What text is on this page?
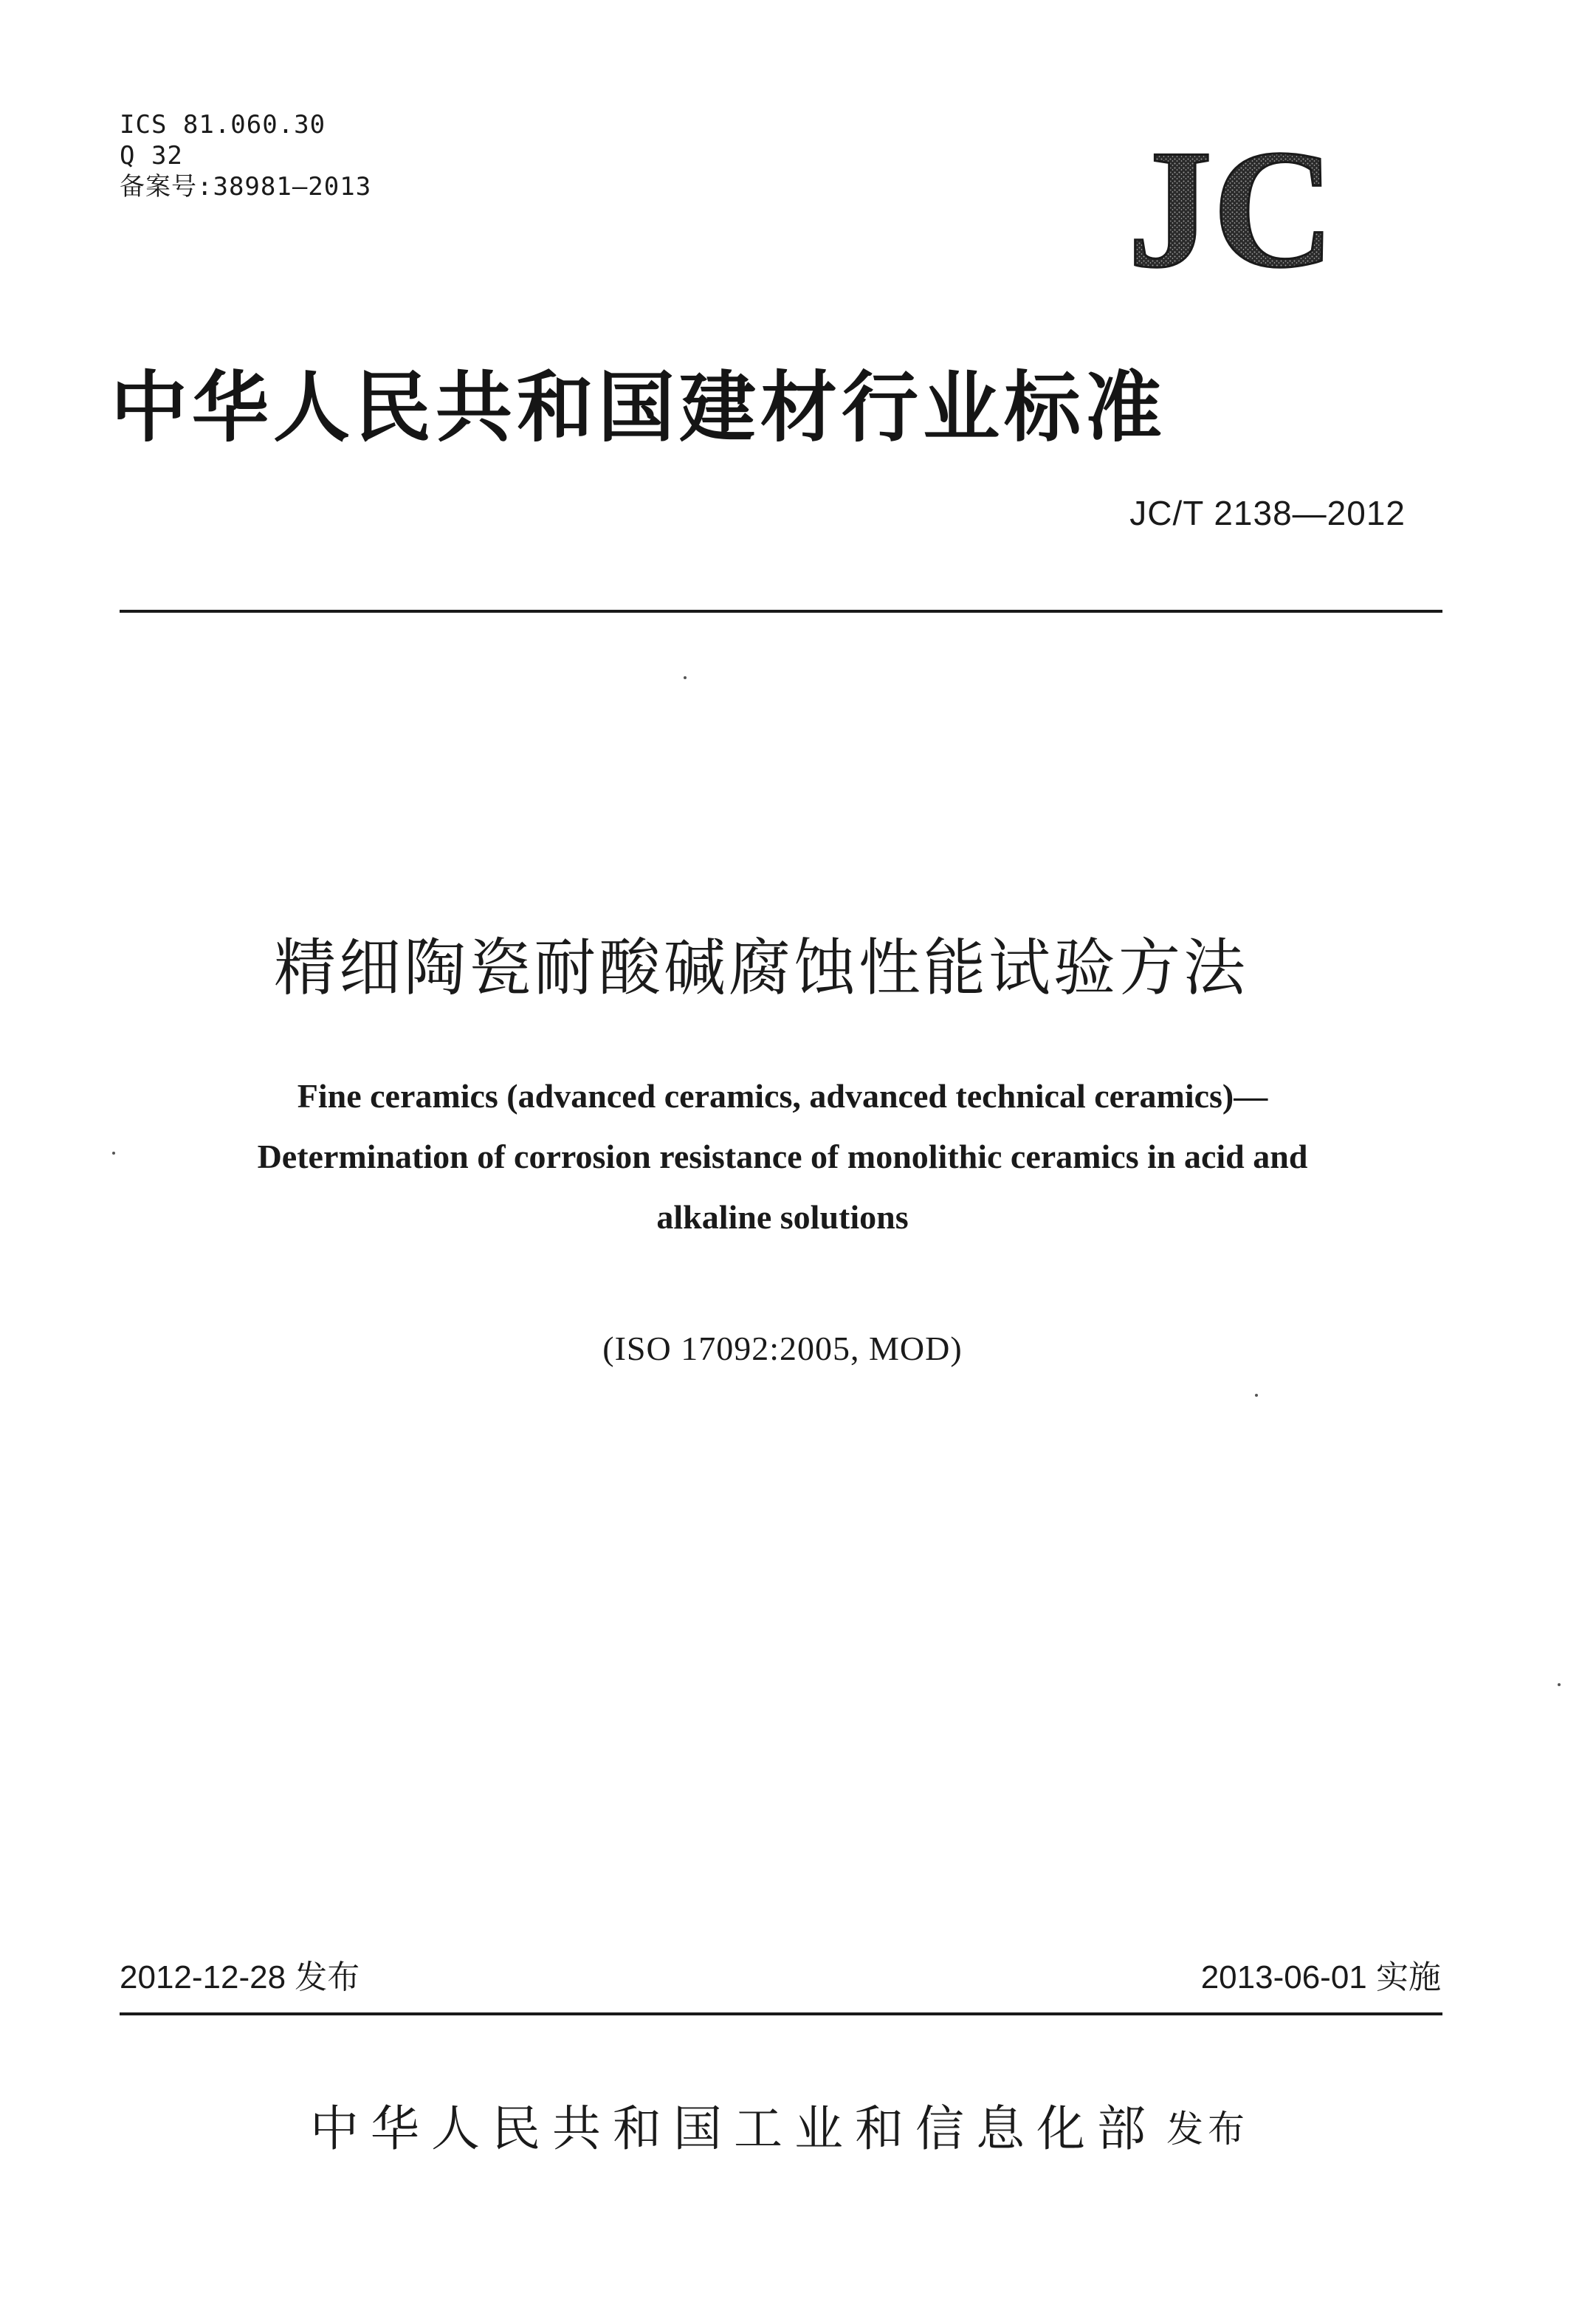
ICS 81.060.30
Q 32
备案号:38981—2013	JC
中华人民共和国建材行业标准
JC/T 2138—2012
精细陶瓷耐酸碱腐蚀性能试验方法
Fine ceramics (advanced ceramics, advanced technical ceramics)—
Determination of corrosion resistance of monolithic ceramics in acid and
alkaline solutions
(ISO 17092:2005, MOD)
2012-12-28 发布	2013-06-01 实施
中华人民共和国工业和信息化部 发布
